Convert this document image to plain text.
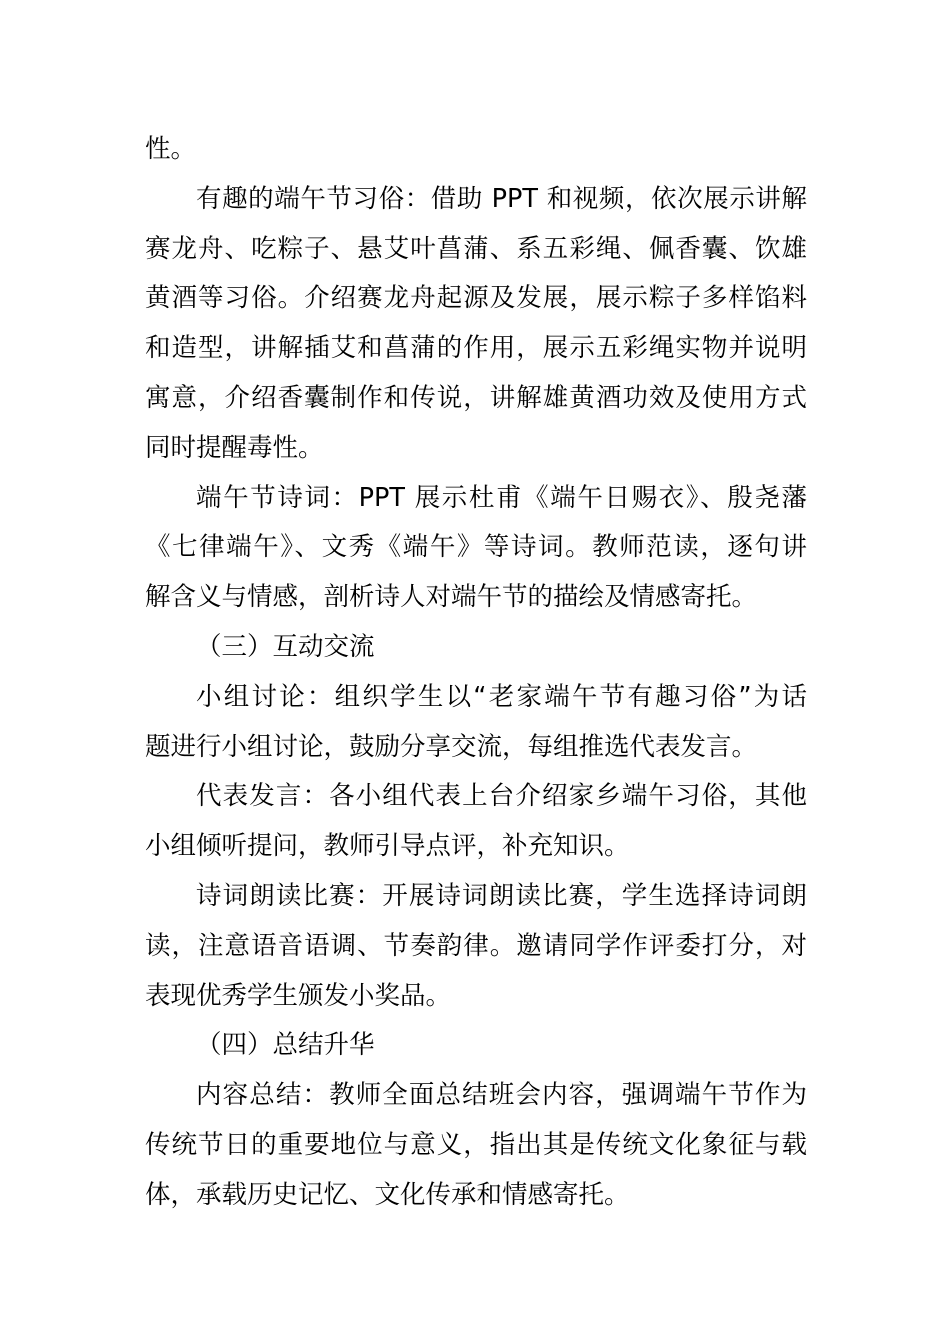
性。
有趣的端午节习俗：借助 PPT 和视频，依次展示讲解
赛龙舟、吃粽子、悬艾叶菖蒲、系五彩绳、佩香囊、饮雄
黄酒等习俗。介绍赛龙舟起源及发展，展示粽子多样馅料
和造型，讲解插艾和菖蒲的作用，展示五彩绳实物并说明
寓意，介绍香囊制作和传说，讲解雄黄酒功效及使用方式
同时提醒毒性。
端午节诗词：PPT 展示杜甫《端午日赐衣》、殷尧藩
《七律端午》、文秀《端午》等诗词。教师范读，逐句讲
解含义与情感，剖析诗人对端午节的描绘及情感寄托。
（三）互动交流
小组讨论：组织学生以“老家端午节有趣习俗”为话
题进行小组讨论，鼓励分享交流，每组推选代表发言。
代表发言：各小组代表上台介绍家乡端午习俗，其他
小组倾听提问，教师引导点评，补充知识。
诗词朗读比赛：开展诗词朗读比赛，学生选择诗词朗
读，注意语音语调、节奏韵律。邀请同学作评委打分，对
表现优秀学生颁发小奖品。
（四）总结升华
内容总结：教师全面总结班会内容，强调端午节作为
传统节日的重要地位与意义，指出其是传统文化象征与载
体，承载历史记忆、文化传承和情感寄托。
